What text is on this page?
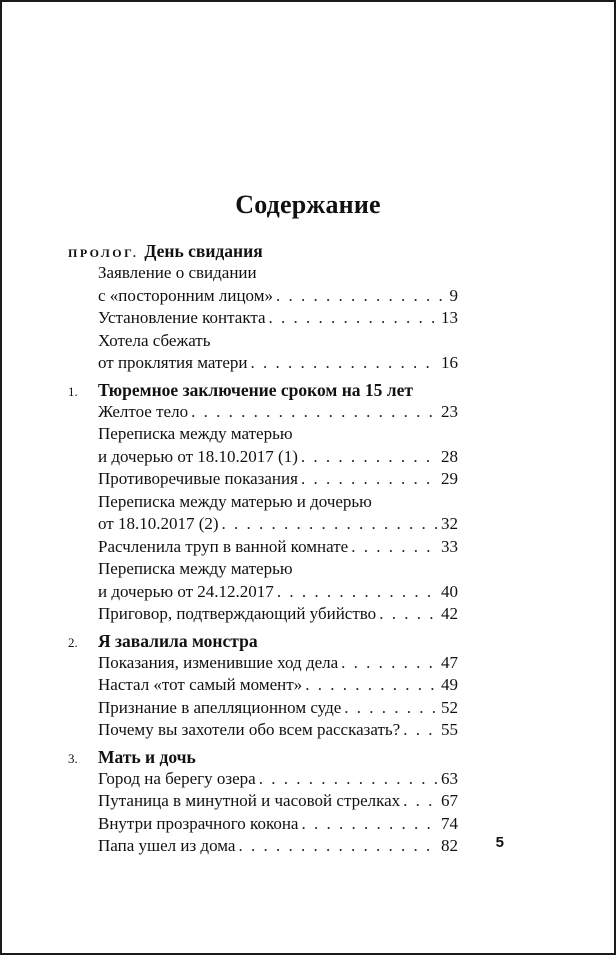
Содержание
ПРОЛОГ. День свидания
Заявление о свидании
с «посторонним лицом» . . .	9
Установление контакта . . .	13
Хотела сбежать
от проклятия матери . . .	16
1.	Тюремное заключение сроком на 15 лет
Желтое тело . . .	23
Переписка между матерью
и дочерью от 18.10.2017 (1) . . .	28
Противоречивые показания . . .	29
Переписка между матерью и дочерью
от 18.10.2017 (2) . . .	32
Расчленила труп в ванной комнате . . .	33
Переписка между матерью
и дочерью от 24.12.2017 . . .	40
Приговор, подтверждающий убийство . . .	42
2.	Я завалила монстра
Показания, изменившие ход дела . . .	47
Настал «тот самый момент» . . .	49
Признание в апелляционном суде . . .	52
Почему вы захотели обо всем рассказать? . . . 55
3.	Мать и дочь
Город на берегу озера . . .	63
Путаница в минутной и часовой стрелках . . . 67
Внутри прозрачного кокона . . .	74
Папа ушел из дома . . .	82	5
